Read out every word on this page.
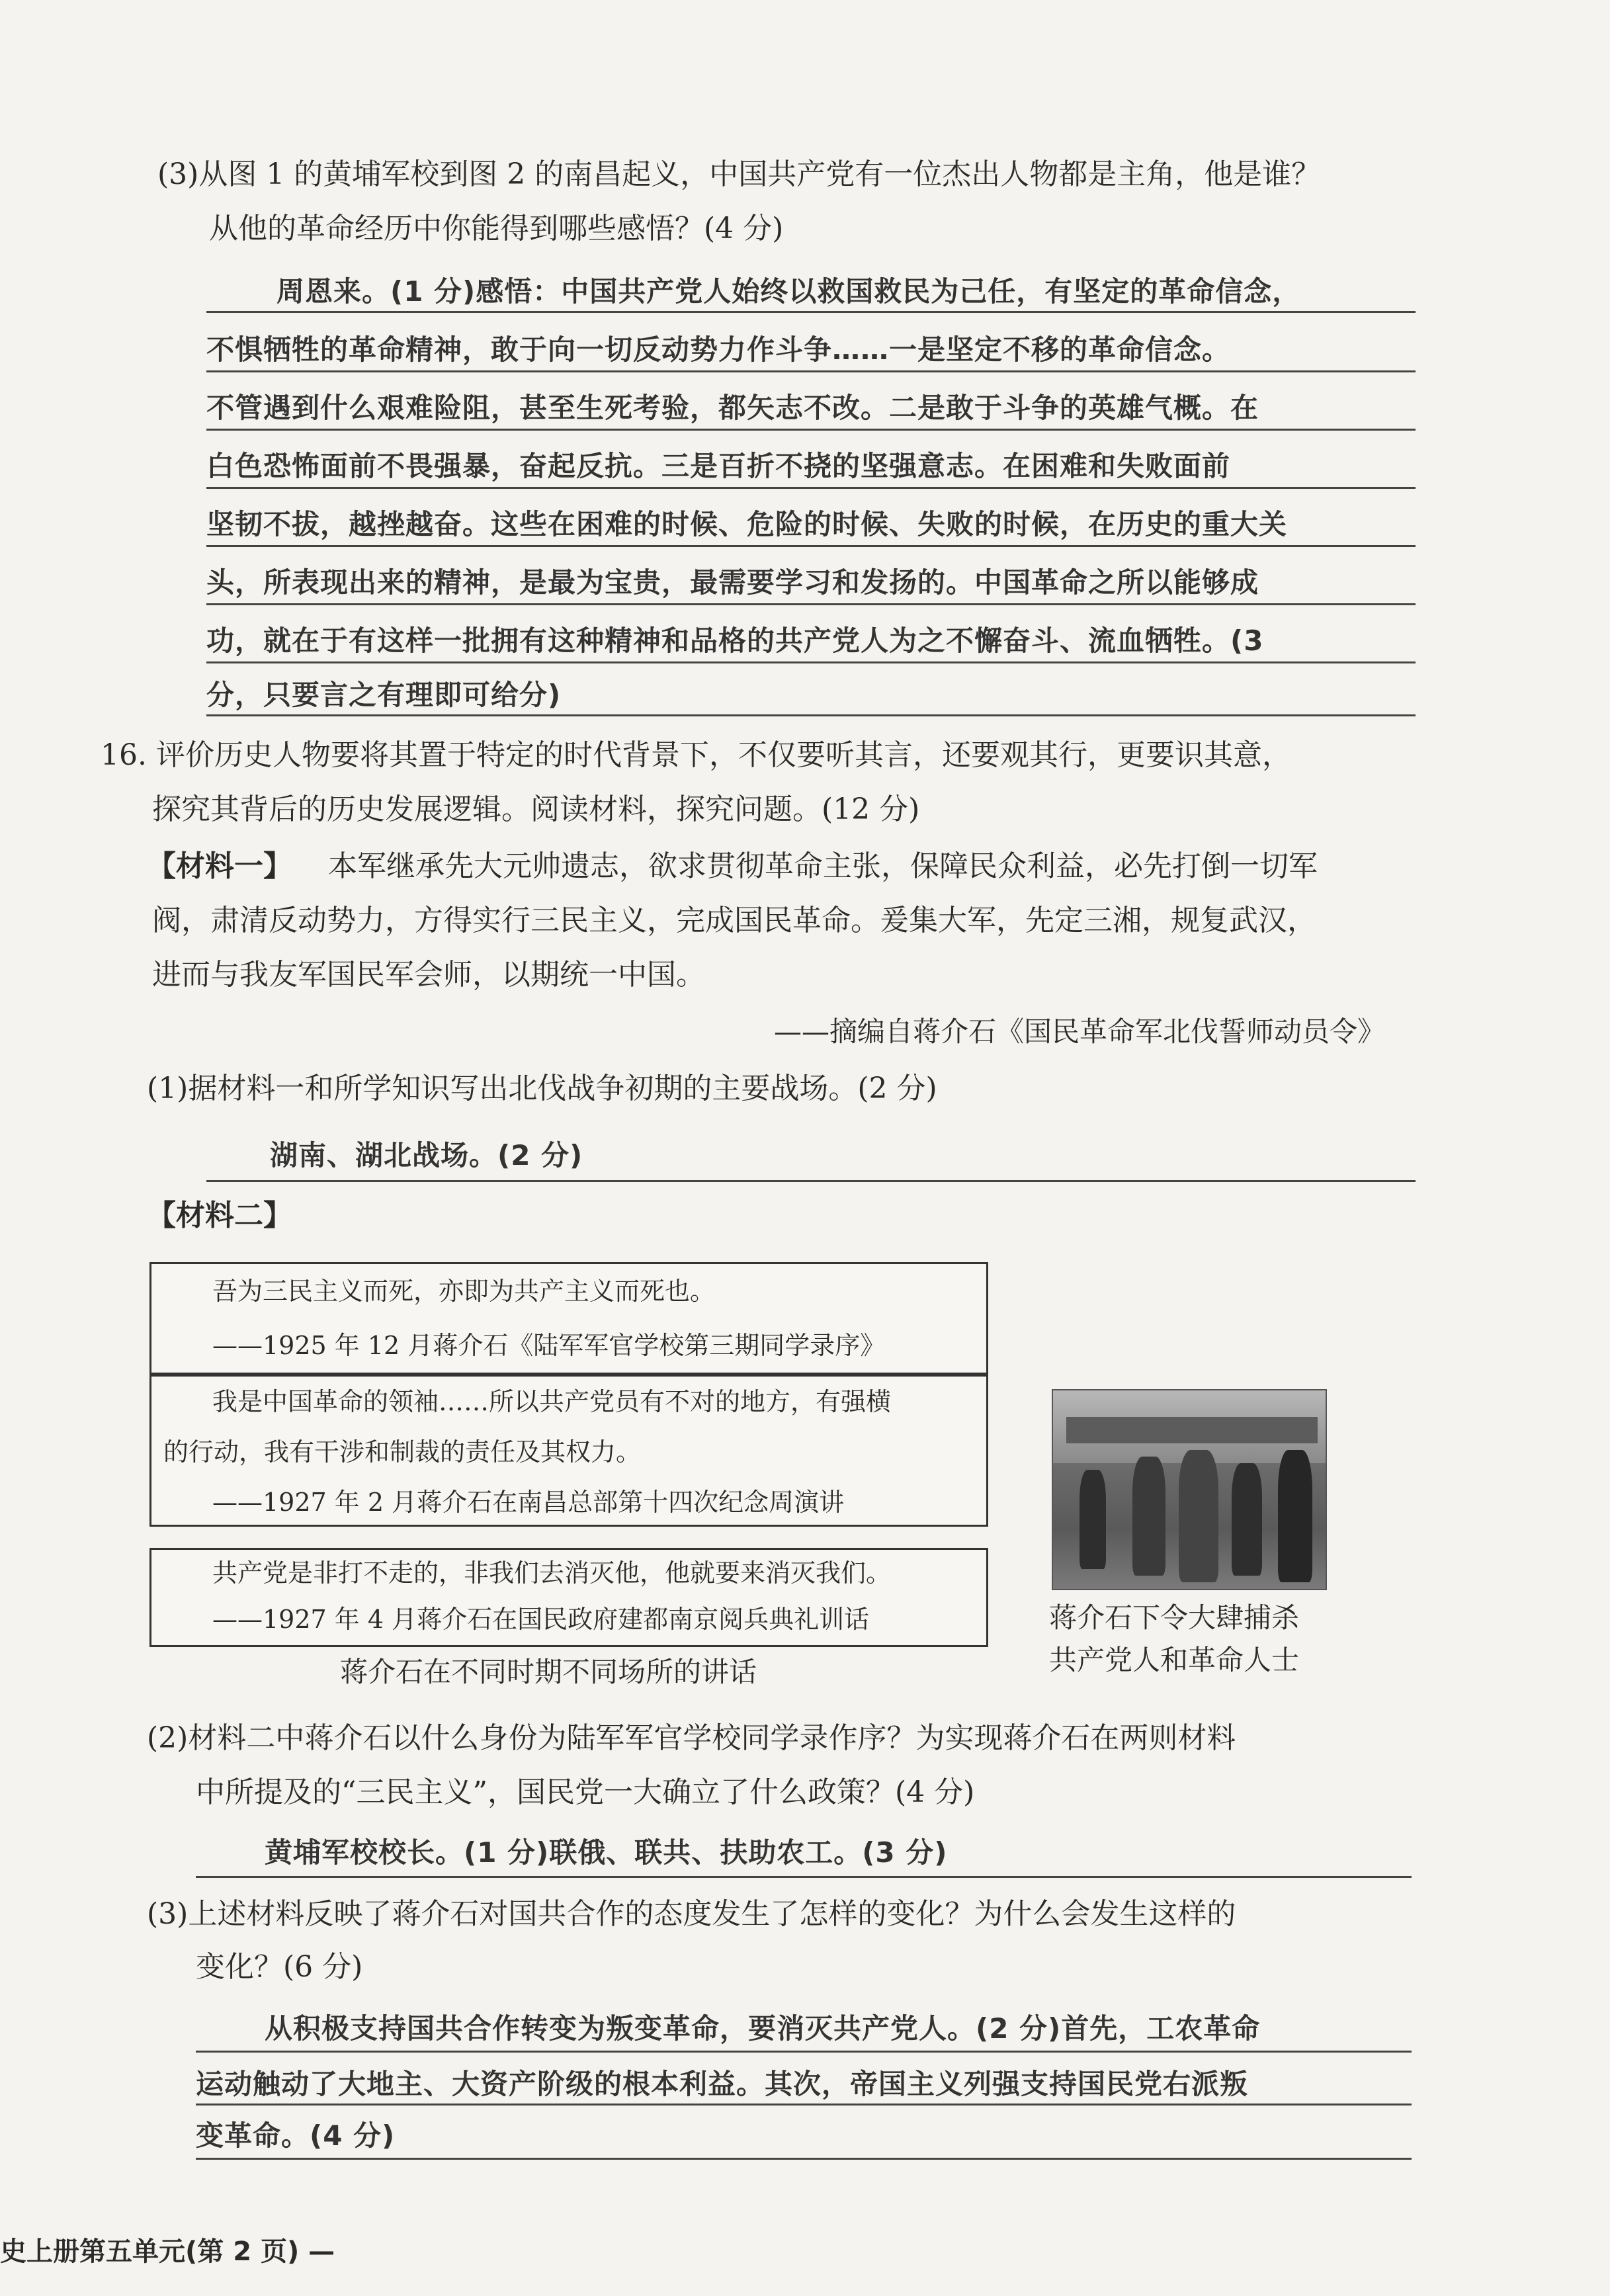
(3)从图 1 的黄埔军校到图 2 的南昌起义，中国共产党有一位杰出人物都是主角，他是谁？
从他的革命经历中你能得到哪些感悟？(4 分)
周恩来。(1 分)感悟：中国共产党人始终以救国救民为己任，有坚定的革命信念，
不惧牺牲的革命精神，敢于向一切反动势力作斗争……一是坚定不移的革命信念。
不管遇到什么艰难险阻，甚至生死考验，都矢志不改。二是敢于斗争的英雄气概。在
白色恐怖面前不畏强暴，奋起反抗。三是百折不挠的坚强意志。在困难和失败面前
坚韧不拔，越挫越奋。这些在困难的时候、危险的时候、失败的时候，在历史的重大关
头，所表现出来的精神，是最为宝贵，最需要学习和发扬的。中国革命之所以能够成
功，就在于有这样一批拥有这种精神和品格的共产党人为之不懈奋斗、流血牺牲。(3
分，只要言之有理即可给分)
16. 评价历史人物要将其置于特定的时代背景下，不仅要听其言，还要观其行，更要识其意，
探究其背后的历史发展逻辑。阅读材料，探究问题。(12 分)
【材料一】 本军继承先大元帅遗志，欲求贯彻革命主张，保障民众利益，必先打倒一切军
阀，肃清反动势力，方得实行三民主义，完成国民革命。爰集大军，先定三湘，规复武汉，
进而与我友军国民军会师，以期统一中国。
——摘编自蒋介石《国民革命军北伐誓师动员令》
(1)据材料一和所学知识写出北伐战争初期的主要战场。(2 分)
湖南、湖北战场。(2 分)
【材料二】
吾为三民主义而死，亦即为共产主义而死也。
——1925 年 12 月蒋介石《陆军军官学校第三期同学录序》
我是中国革命的领袖……所以共产党员有不对的地方，有强横
的行动，我有干涉和制裁的责任及其权力。
——1927 年 2 月蒋介石在南昌总部第十四次纪念周演讲
共产党是非打不走的，非我们去消灭他，他就要来消灭我们。
——1927 年 4 月蒋介石在国民政府建都南京阅兵典礼训话
蒋介石在不同时期不同场所的讲话
蒋介石下令大肆捕杀
共产党人和革命人士
(2)材料二中蒋介石以什么身份为陆军军官学校同学录作序？为实现蒋介石在两则材料
中所提及的“三民主义”，国民党一大确立了什么政策？(4 分)
黄埔军校校长。(1 分)联俄、联共、扶助农工。(3 分)
(3)上述材料反映了蒋介石对国共合作的态度发生了怎样的变化？为什么会发生这样的
变化？(6 分)
从积极支持国共合作转变为叛变革命，要消灭共产党人。(2 分)首先，工农革命
运动触动了大地主、大资产阶级的根本利益。其次，帝国主义列强支持国民党右派叛
变革命。(4 分)
史上册第五单元(第 2 页) —
